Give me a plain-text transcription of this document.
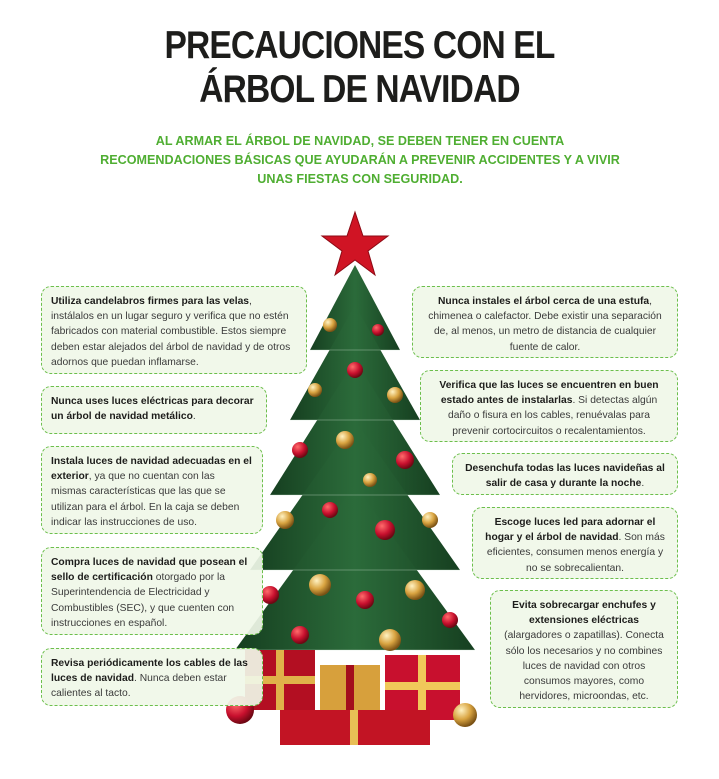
PRECAUCIONES CON EL
ÁRBOL DE NAVIDAD
AL ARMAR EL ÁRBOL DE NAVIDAD, SE DEBEN TENER EN CUENTA
RECOMENDACIONES BÁSICAS QUE AYUDARÁN A PREVENIR ACCIDENTES Y A VIVIR
UNAS FIESTAS CON SEGURIDAD.
Utiliza candelabros firmes para las velas, instálalos en un lugar seguro y verifica que no estén fabricados con material combustible. Estos siempre deben estar alejados del árbol de navidad y de otros adornos que puedan inflamarse.
Nunca uses luces eléctricas para decorar un árbol de navidad metálico.
Instala luces de navidad adecuadas en el exterior, ya que no cuentan con las mismas características que las que se utilizan para el árbol. En la caja se deben indicar las instrucciones de uso.
Compra luces de navidad que posean el sello de certificación otorgado por la Superintendencia de Electricidad y Combustibles (SEC), y que cuenten con instrucciones en español.
Revisa periódicamente los cables de las luces de navidad. Nunca deben estar calientes al tacto.
Nunca instales el árbol cerca de una estufa, chimenea o calefactor. Debe existir una separación de, al menos, un metro de distancia de cualquier fuente de calor.
Verifica que las luces se encuentren en buen estado antes de instalarlas. Si detectas algún daño o fisura en los cables, renuévalas para prevenir cortocircuitos o recalentamientos.
Desenchufa todas las luces navideñas al salir de casa y durante la noche.
Escoge luces led para adornar el hogar y el árbol de navidad. Son más eficientes, consumen menos energía y no se sobrecalientan.
Evita sobrecargar enchufes y extensiones eléctricas (alargadores o zapatillas). Conecta sólo los necesarios y no combines luces de navidad con otros consumos mayores, como hervidores, microondas, etc.
